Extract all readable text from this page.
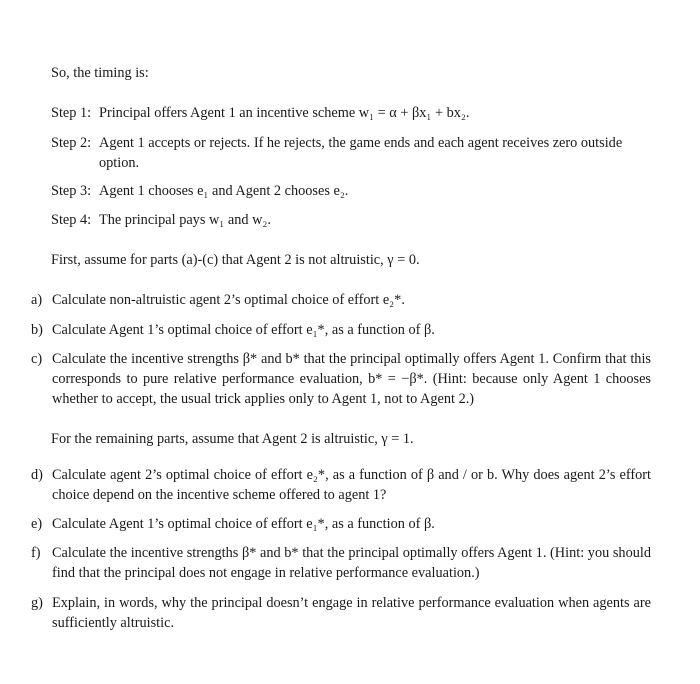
So, the timing is:
Step 1: Principal offers Agent 1 an incentive scheme w₁ = α + βx₁ + bx₂.
Step 2: Agent 1 accepts or rejects. If he rejects, the game ends and each agent receives zero outside option.
Step 3: Agent 1 chooses e₁ and Agent 2 chooses e₂.
Step 4: The principal pays w₁ and w₂.
First, assume for parts (a)-(c) that Agent 2 is not altruistic, γ = 0.
a) Calculate non-altruistic agent 2’s optimal choice of effort e₂*.
b) Calculate Agent 1’s optimal choice of effort e₁*, as a function of β.
c) Calculate the incentive strengths β* and b* that the principal optimally offers Agent 1. Confirm that this corresponds to pure relative performance evaluation, b* = −β*. (Hint: because only Agent 1 chooses whether to accept, the usual trick applies only to Agent 1, not to Agent 2.)
For the remaining parts, assume that Agent 2 is altruistic, γ = 1.
d) Calculate agent 2’s optimal choice of effort e₂*, as a function of β and / or b. Why does agent 2’s effort choice depend on the incentive scheme offered to agent 1?
e) Calculate Agent 1’s optimal choice of effort e₁*, as a function of β.
f) Calculate the incentive strengths β* and b* that the principal optimally offers Agent 1. (Hint: you should find that the principal does not engage in relative performance evaluation.)
g) Explain, in words, why the principal doesn’t engage in relative performance evaluation when agents are sufficiently altruistic.
